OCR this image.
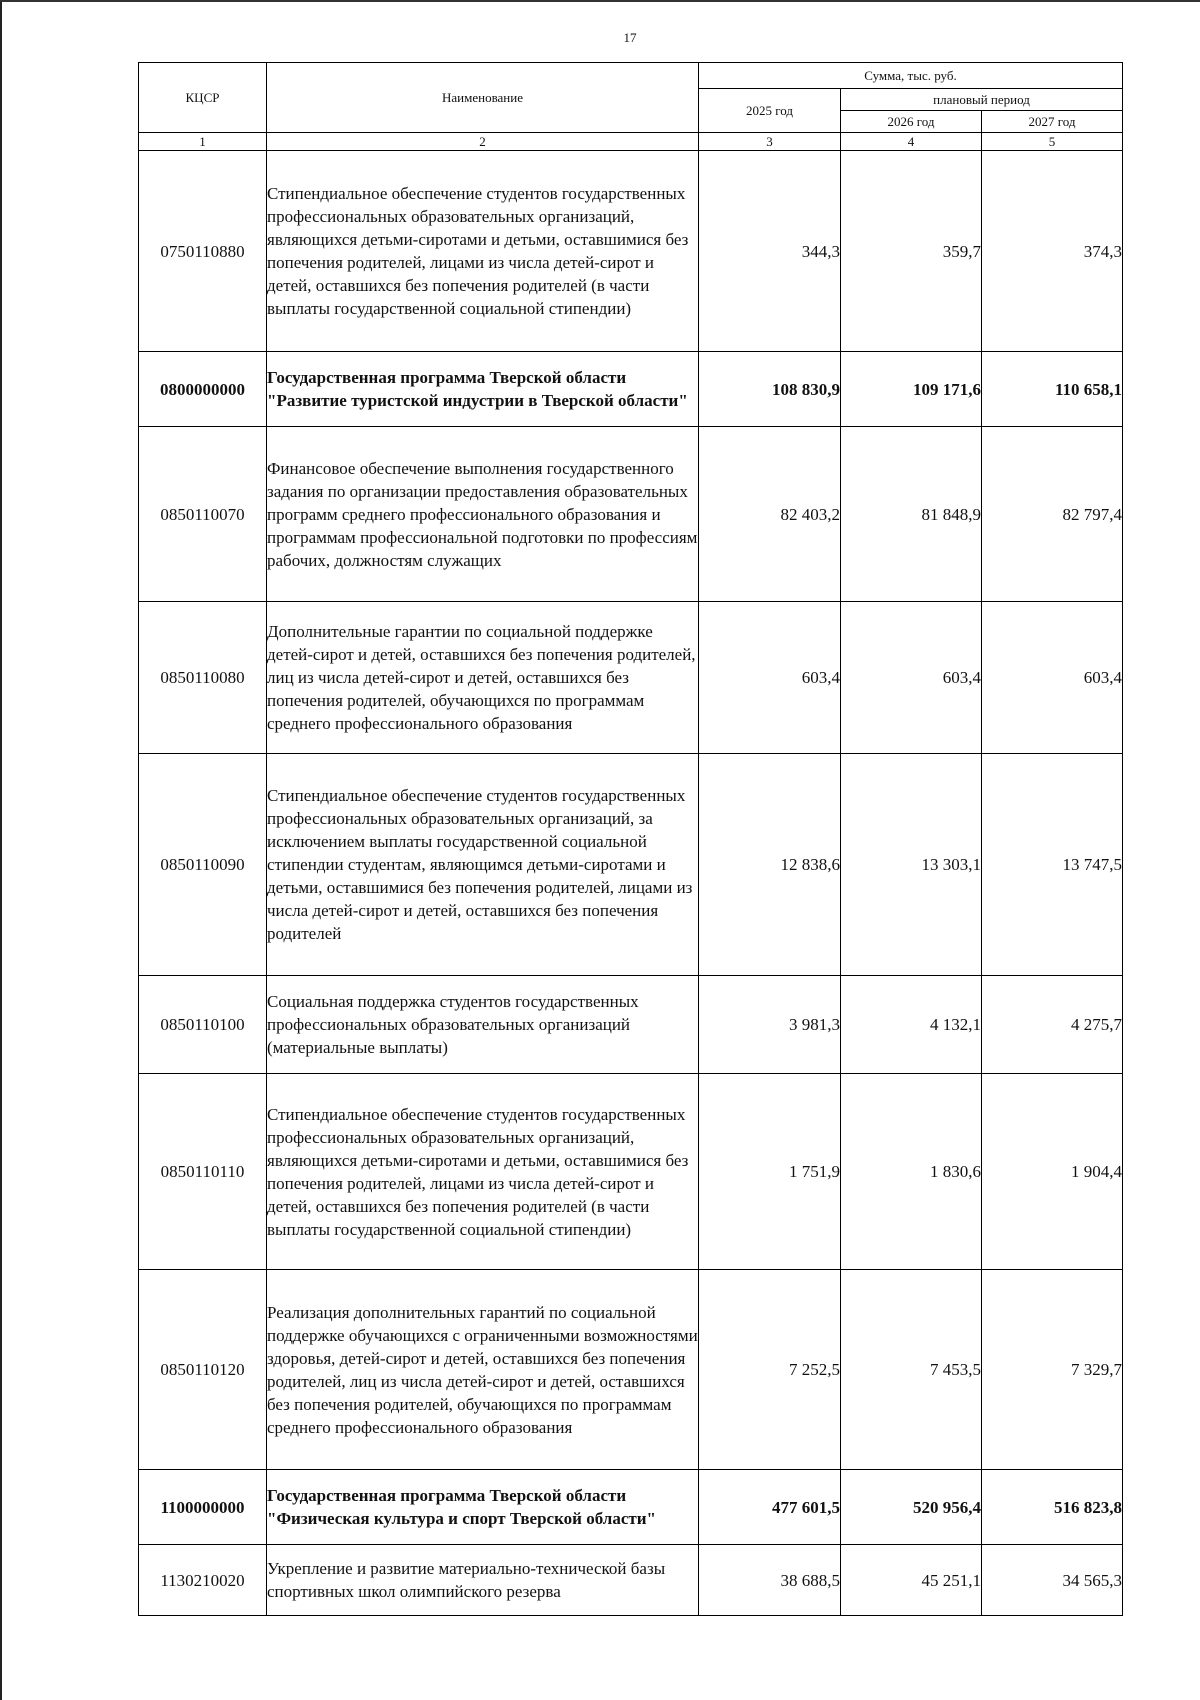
17
КЦСР	Наименование	Сумма, тыс. руб.		
		2025 год	плановый период	
			2026 год	2027 год
1	2	3	4	5
0750110880	Стипендиальное обеспечение студентов государственных профессиональных образовательных организаций, являющихся детьми-сиротами и детьми, оставшимися без попечения родителей, лицами из числа детей-сирот и детей, оставшихся без попечения родителей (в части выплаты государственной социальной стипендии)	344,3	359,7	374,3
0800000000	Государственная программа Тверской области "Развитие туристской индустрии в Тверской области"	108 830,9	109 171,6	110 658,1
0850110070	Финансовое обеспечение выполнения государственного задания по организации предоставления образовательных программ среднего профессионального образования и программам профессиональной подготовки по профессиям рабочих, должностям служащих	82 403,2	81 848,9	82 797,4
0850110080	Дополнительные гарантии по социальной поддержке детей-сирот и детей, оставшихся без попечения родителей, лиц из числа детей-сирот и детей, оставшихся без попечения родителей, обучающихся по программам среднего профессионального образования	603,4	603,4	603,4
0850110090	Стипендиальное обеспечение студентов государственных профессиональных образовательных организаций, за исключением выплаты государственной социальной стипендии студентам, являющимся детьми-сиротами и детьми, оставшимися без попечения родителей, лицами из числа детей-сирот и детей, оставшихся без попечения родителей	12 838,6	13 303,1	13 747,5
0850110100	Социальная поддержка студентов государственных профессиональных образовательных организаций (материальные выплаты)	3 981,3	4 132,1	4 275,7
0850110110	Стипендиальное обеспечение студентов государственных профессиональных образовательных организаций, являющихся детьми-сиротами и детьми, оставшимися без попечения родителей, лицами из числа детей-сирот и детей, оставшихся без попечения родителей (в части выплаты государственной социальной стипендии)	1 751,9	1 830,6	1 904,4
0850110120	Реализация дополнительных гарантий по социальной поддержке обучающихся с ограниченными возможностями здоровья, детей-сирот и детей, оставшихся без попечения родителей, лиц из числа детей-сирот и детей, оставшихся без попечения родителей, обучающихся по программам среднего профессионального образования	7 252,5	7 453,5	7 329,7
1100000000	Государственная программа Тверской области "Физическая культура и спорт Тверской области"	477 601,5	520 956,4	516 823,8
1130210020	Укрепление и развитие материально-технической базы спортивных школ олимпийского резерва	38 688,5	45 251,1	34 565,3
